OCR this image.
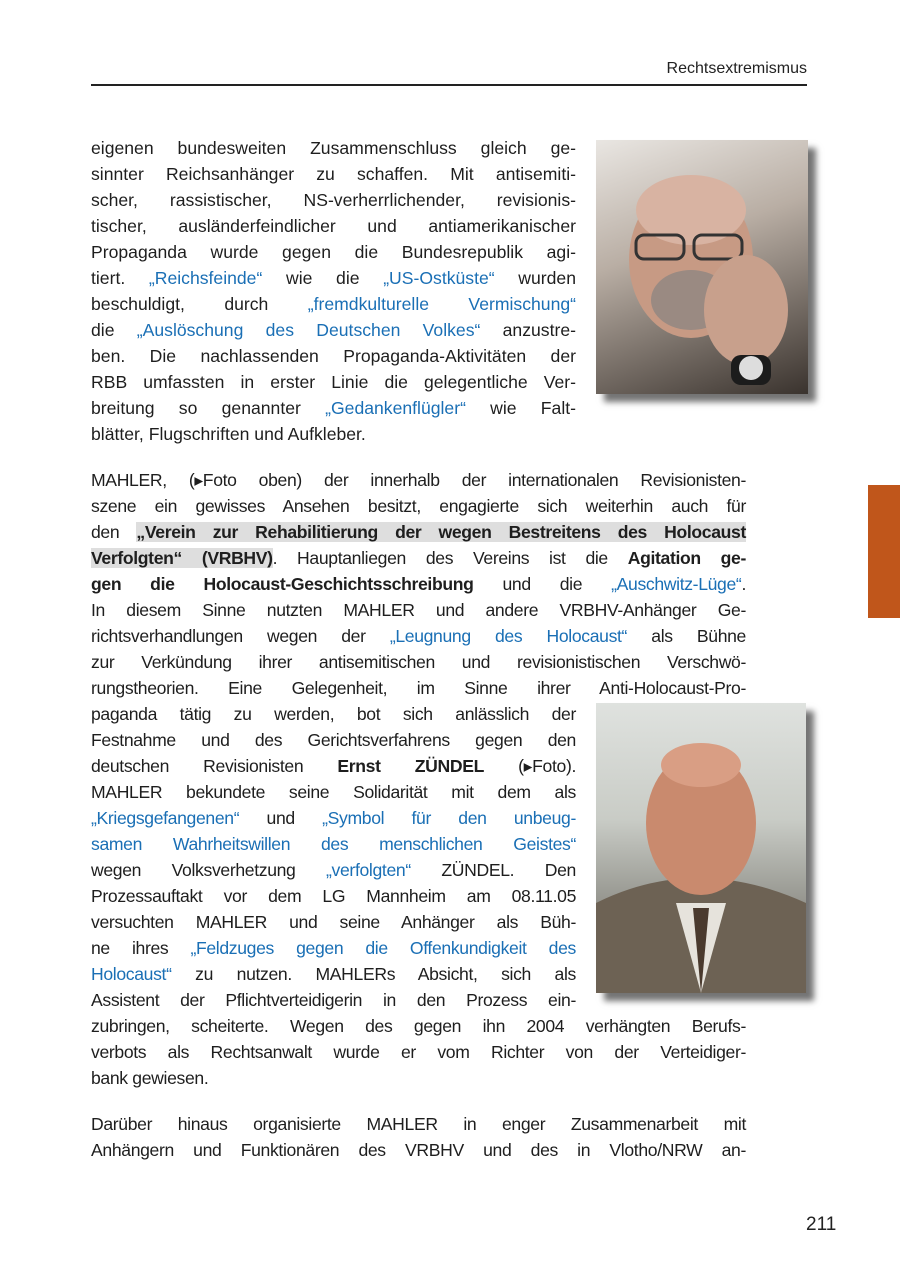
Rechtsextremismus
eigenen bundesweiten Zusammenschluss gleich ge-
sinnter Reichsanhänger zu schaffen. Mit antisemiti-
scher, rassistischer, NS-verherrlichender, revisionis-
tischer, ausländerfeindlicher und antiamerikanischer
Propaganda wurde gegen die Bundesrepublik agi-
tiert. „Reichsfeinde“ wie die „US-Ostküste“ wurden
beschuldigt, durch „fremdkulturelle Vermischung“
die „Auslöschung des Deutschen Volkes“ anzustre-
ben. Die nachlassenden Propaganda-Aktivitäten der
RBB umfassten in erster Linie die gelegentliche Ver-
breitung so genannter „Gedankenflügler“ wie Falt-
blätter, Flugschriften und Aufkleber.
MAHLER, (▸Foto oben) der innerhalb der internationalen Revisionisten-
szene ein gewisses Ansehen besitzt, engagierte sich weiterhin auch für
den „Verein zur Rehabilitierung der wegen Bestreitens des Holocaust
Verfolgten“ (VRBHV). Hauptanliegen des Vereins ist die Agitation ge-
gen die Holocaust-Geschichtsschreibung und die „Auschwitz-Lüge“.
In diesem Sinne nutzten MAHLER und andere VRBHV-Anhänger Ge-
richtsverhandlungen wegen der „Leugnung des Holocaust“ als Bühne
zur Verkündung ihrer antisemitischen und revisionistischen Verschwö-
rungstheorien. Eine Gelegenheit, im Sinne ihrer Anti-Holocaust-Pro-
paganda tätig zu werden, bot sich anlässlich der
Festnahme und des Gerichtsverfahrens gegen den
deutschen Revisionisten Ernst ZÜNDEL (▸Foto).
MAHLER bekundete seine Solidarität mit dem als
„Kriegsgefangenen“ und „Symbol für den unbeug-
samen Wahrheitswillen des menschlichen Geistes“
wegen Volksverhetzung „verfolgten“ ZÜNDEL. Den
Prozessauftakt vor dem LG Mannheim am 08.11.05
versuchten MAHLER und seine Anhänger als Büh-
ne ihres „Feldzuges gegen die Offenkundigkeit des
Holocaust“ zu nutzen. MAHLERs Absicht, sich als
Assistent der Pflichtverteidigerin in den Prozess ein-
zubringen, scheiterte. Wegen des gegen ihn 2004 verhängten Berufs-
verbots als Rechtsanwalt wurde er vom Richter von der Verteidiger-
bank gewiesen.
Darüber hinaus organisierte MAHLER in enger Zusammenarbeit mit
Anhängern und Funktionären des VRBHV und des in Vlotho/NRW an-
211
